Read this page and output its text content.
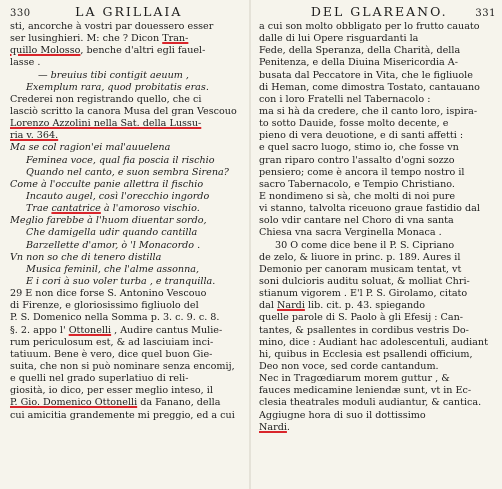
330	LA GRILLAIA
sti, ancorche à vostri par douessero esser
ser lusinghieri. M: che ? Dicon Tran-
quillo Molosso, benche d'altri egli fauel-
lasse .
— breuius tibi contigit aeuum ,
Exemplum rara, quod probitatis eras.
Crederei non registrando quello, che ci
lasciò scritto la canora Musa del gran Vescouo
Lorenzo Azzolini nella Sat. della Lussu-
ria v. 364.
Ma se col ragion'ei mal'auuelena
Feminea voce, qual fia poscia il rischio
Quando nel canto, e suon sembra Sirena?
Come à l'occulte panie allettra il fischio
Incauto augel, così l'orecchio ingordo
Trae cantatrice à l'amoroso vischio.
Meglio farebbe à l'huom diuentar sordo,
Che damigella udir quando cantilla
Barzellette d'amor, ò 'l Monacordo .
Vn non so che di tenero distilla
Musica feminil, che l'alme assonna,
E i cori à suo voler turba , e tranquilla.
29 E non dice forse S. Antonino Vescouo
di Firenze, e gloriosissimo figliuolo del
P. S. Domenico nella Somma p. 3. c. 9. c. 8.
§. 2. appo l' Ottonelli , Audire cantus Mulie-
rum periculosum est, & ad lasciuiam inci-
tatiuum. Bene è vero, dice quel buon Gie-
suita, che non si può nominare senza encomij,
e quelli nel grado superlatiuo di reli-
giosità, io dico, per esser meglio inteso, il
P. Gio. Domenico Ottonelli da Fanano, della
cui amicitia grandemente mi preggio, ed a cui
DEL GLAREANO.	331
a cui son molto obbligato per lo frutto cauato
dalle di lui Opere risguardanti la
Fede, della Speranza, della Charità, della
Penitenza, e della Diuina Misericordia A-
busata dal Peccatore in Vita, che le figliuole
di Heman, come dimostra Tostato, cantauano
con i loro Fratelli nel Tabernacolo :
ma si hà da credere, che il canto loro, ispira-
to sotto Dauide, fosse molto decente, e
pieno di vera deuotione, e di santi affetti :
e quel sacro luogo, stimo io, che fosse vn
gran riparo contro l'assalto d'ogni sozzo
pensiero; come è ancora il tempo nostro il
sacro Tabernacolo, e Tempio Christiano.
E nondimeno si sà, che molti di noi pure
vi stanno, talvolta riceuono graue fastidio dal
solo vdir cantare nel Choro di vna santa
Chiesa vna sacra Verginella Monaca .
30 O come dice bene il P. S. Cipriano
de zelo, & liuore in princ. p. 189. Aures il
Demonio per canoram musicam tentat, vt
soni dulcioris auditu soluat, & molliat Chri-
stianum vigorem . E'l P. S. Girolamo, citato
dal Nardi lib. cit. p. 43. spiegando
quelle parole di S. Paolo à gli Efesij : Can-
tantes, & psallentes in cordibus vestris Do-
mino, dice : Audiant hac adolescentuli, audiant
hi, quibus in Ecclesia est psallendi officium,
Deo non voce, sed corde cantandum.
Nec in Tragœdiarum morem guttur , &
fauces medicamine leniendæ sunt, vt in Ec-
clesia theatrales moduli audiantur, & cantica.
Aggiugne hora di suo il dottissimo
Nardi.
